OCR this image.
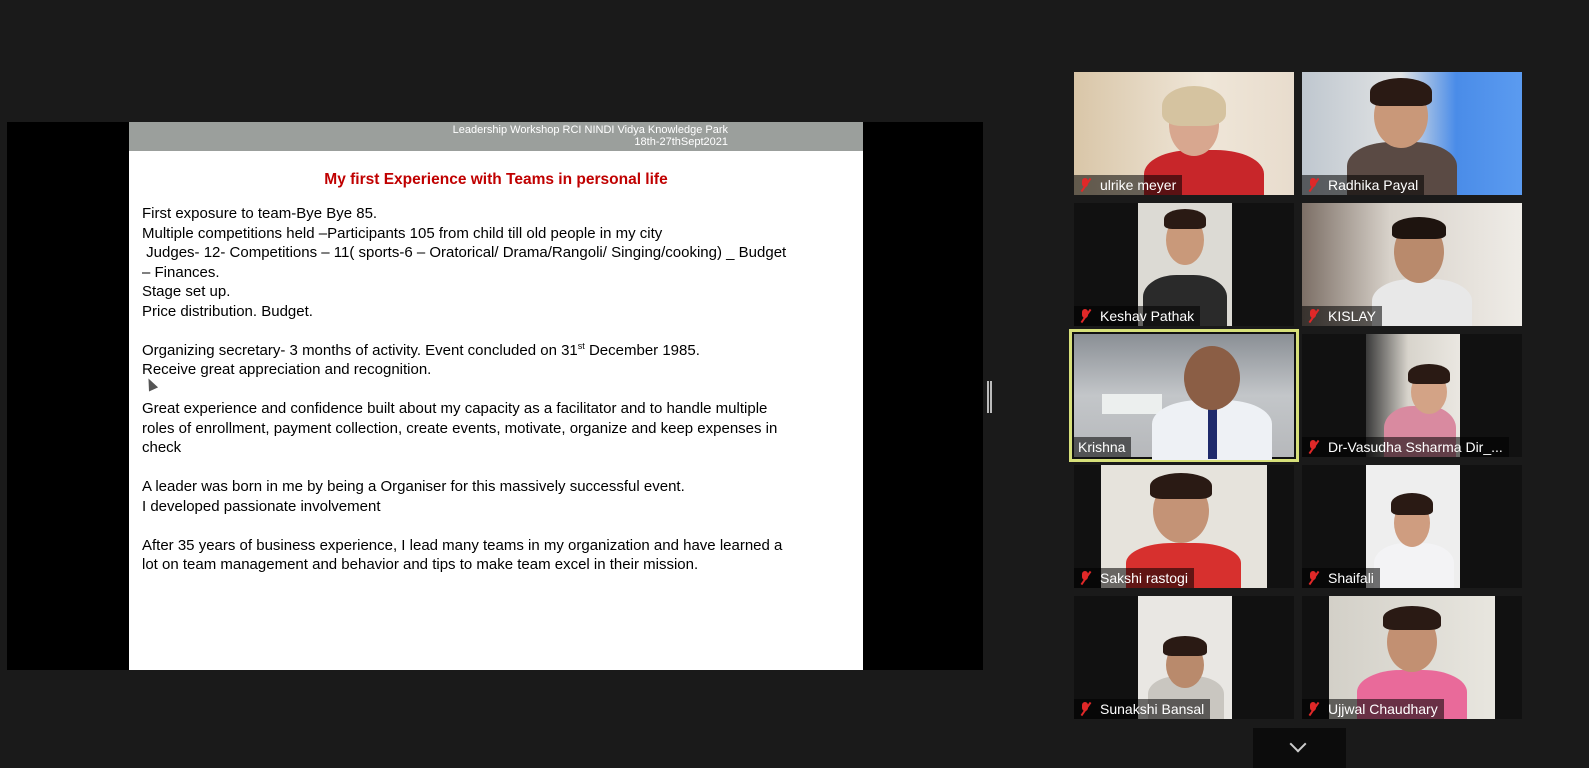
Leadership Workshop RCI NINDI Vidya Knowledge Park
18th-27thSept2021
My first Experience with Teams in personal life
First exposure to team-Bye Bye 85.
Multiple competitions held –Participants 105 from child till old people in my city
Judges- 12- Competitions – 11( sports-6 – Oratorical/ Drama/Rangoli/ Singing/cooking) _ Budget
– Finances.
Stage set up.
Price distribution. Budget.
Organizing secretary- 3 months of activity. Event concluded on 31st December 1985.
Receive great appreciation and recognition.
Great experience and confidence built about my capacity as a facilitator and to handle multiple
roles of enrollment, payment collection, create events, motivate, organize and keep expenses in
check
A leader was born in me by being a Organiser for this massively successful event.
I developed passionate involvement
After 35 years of business experience, I lead many teams in my organization and have learned a
lot on team management and behavior and tips to make team excel in their mission.
ulrike meyer	Radhika Payal
Keshav Pathak	KISLAY
Krishna	Dr-Vasudha Ssharma Dir_...
Sakshi rastogi	Shaifali
Sunakshi Bansal	Ujjwal Chaudhary
